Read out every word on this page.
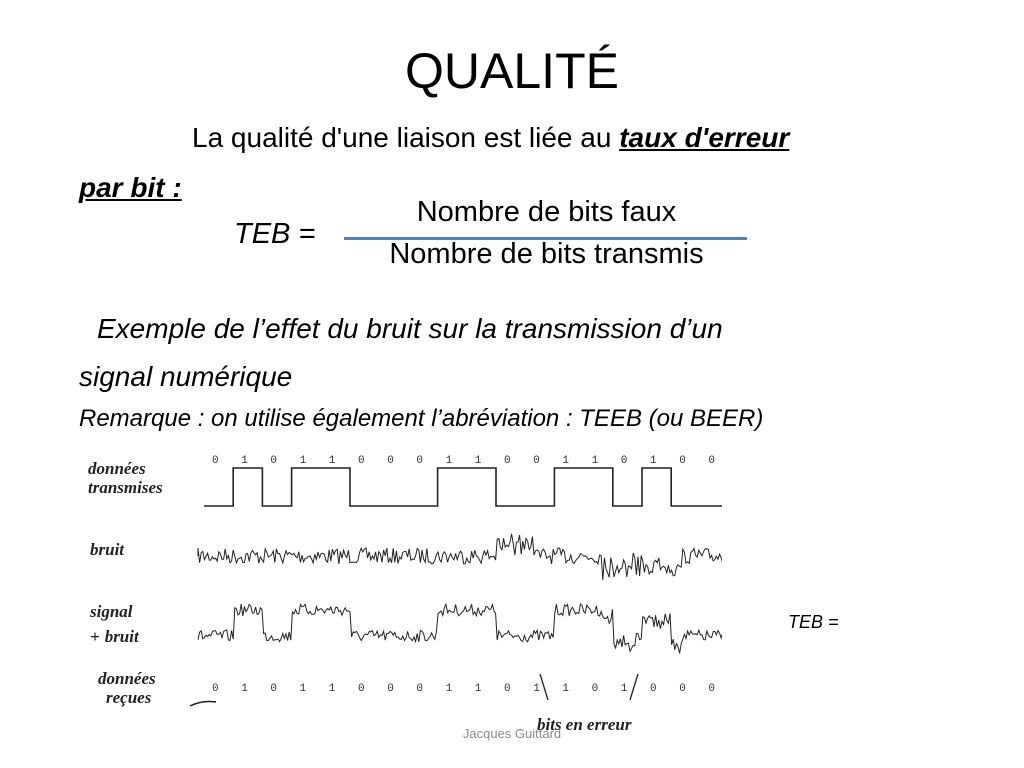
QUALITÉ
La qualité d'une liaison est liée au taux d'erreur
par bit :
TEB =
Nombre de bits faux
Nombre de bits transmis
Exemple de l’effet du bruit sur la transmission d’un
signal numérique
Remarque : on utilise également l’abréviation : TEEB (ou BEER)
données
transmises
bruit
signal
+ bruit
données
reçues
0 1 0 1 1 0 0 0 1 1 0 0 1 1 0 1 0 0
0 1 0 1 1 0 0 0 1 1 0 1 1 0 1 0 0 0
bits en erreur
TEB =
Jacques Guittard
